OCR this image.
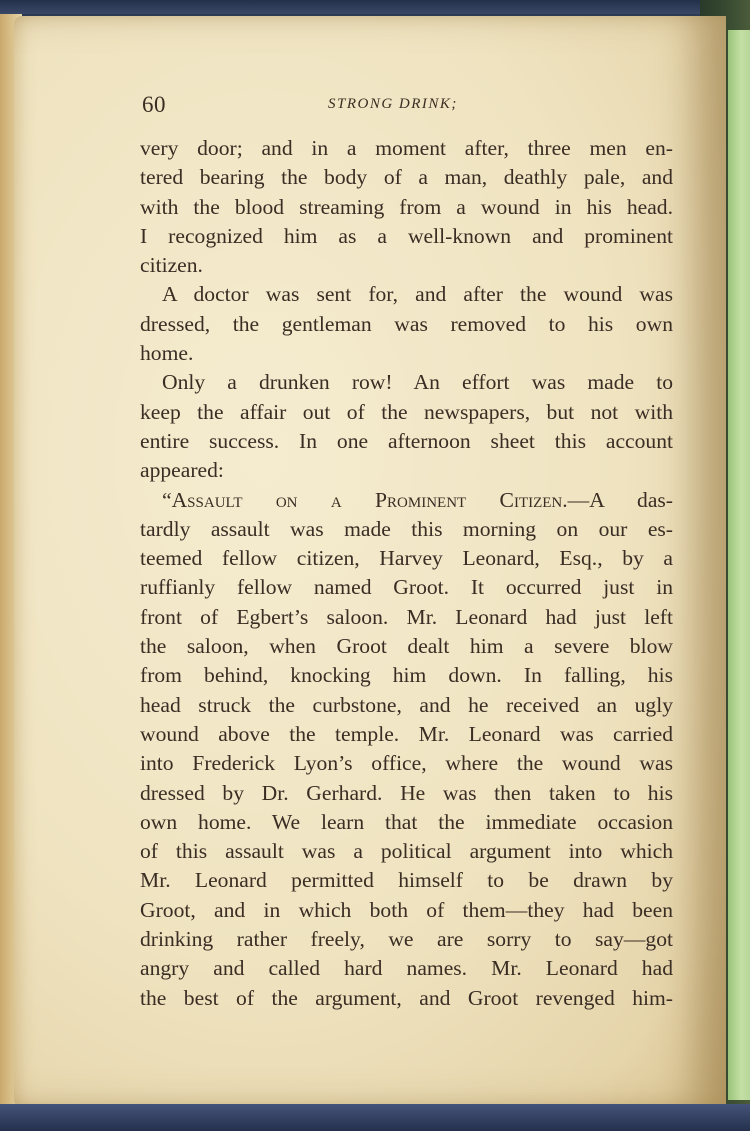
60	STRONG DRINK;
very door; and in a moment after, three men en-
tered bearing the body of a man, deathly pale, and
with the blood streaming from a wound in his head.
I recognized him as a well-known and prominent
citizen.
A doctor was sent for, and after the wound was
dressed, the gentleman was removed to his own
home.
Only a drunken row! An effort was made to
keep the affair out of the newspapers, but not with
entire success. In one afternoon sheet this account
appeared:
“Assault on a Prominent Citizen.—A das-
tardly assault was made this morning on our es-
teemed fellow citizen, Harvey Leonard, Esq., by a
ruffianly fellow named Groot. It occurred just in
front of Egbert’s saloon. Mr. Leonard had just left
the saloon, when Groot dealt him a severe blow
from behind, knocking him down. In falling, his
head struck the curbstone, and he received an ugly
wound above the temple. Mr. Leonard was carried
into Frederick Lyon’s office, where the wound was
dressed by Dr. Gerhard. He was then taken to his
own home. We learn that the immediate occasion
of this assault was a political argument into which
Mr. Leonard permitted himself to be drawn by
Groot, and in which both of them—they had been
drinking rather freely, we are sorry to say—got
angry and called hard names. Mr. Leonard had
the best of the argument, and Groot revenged him-
